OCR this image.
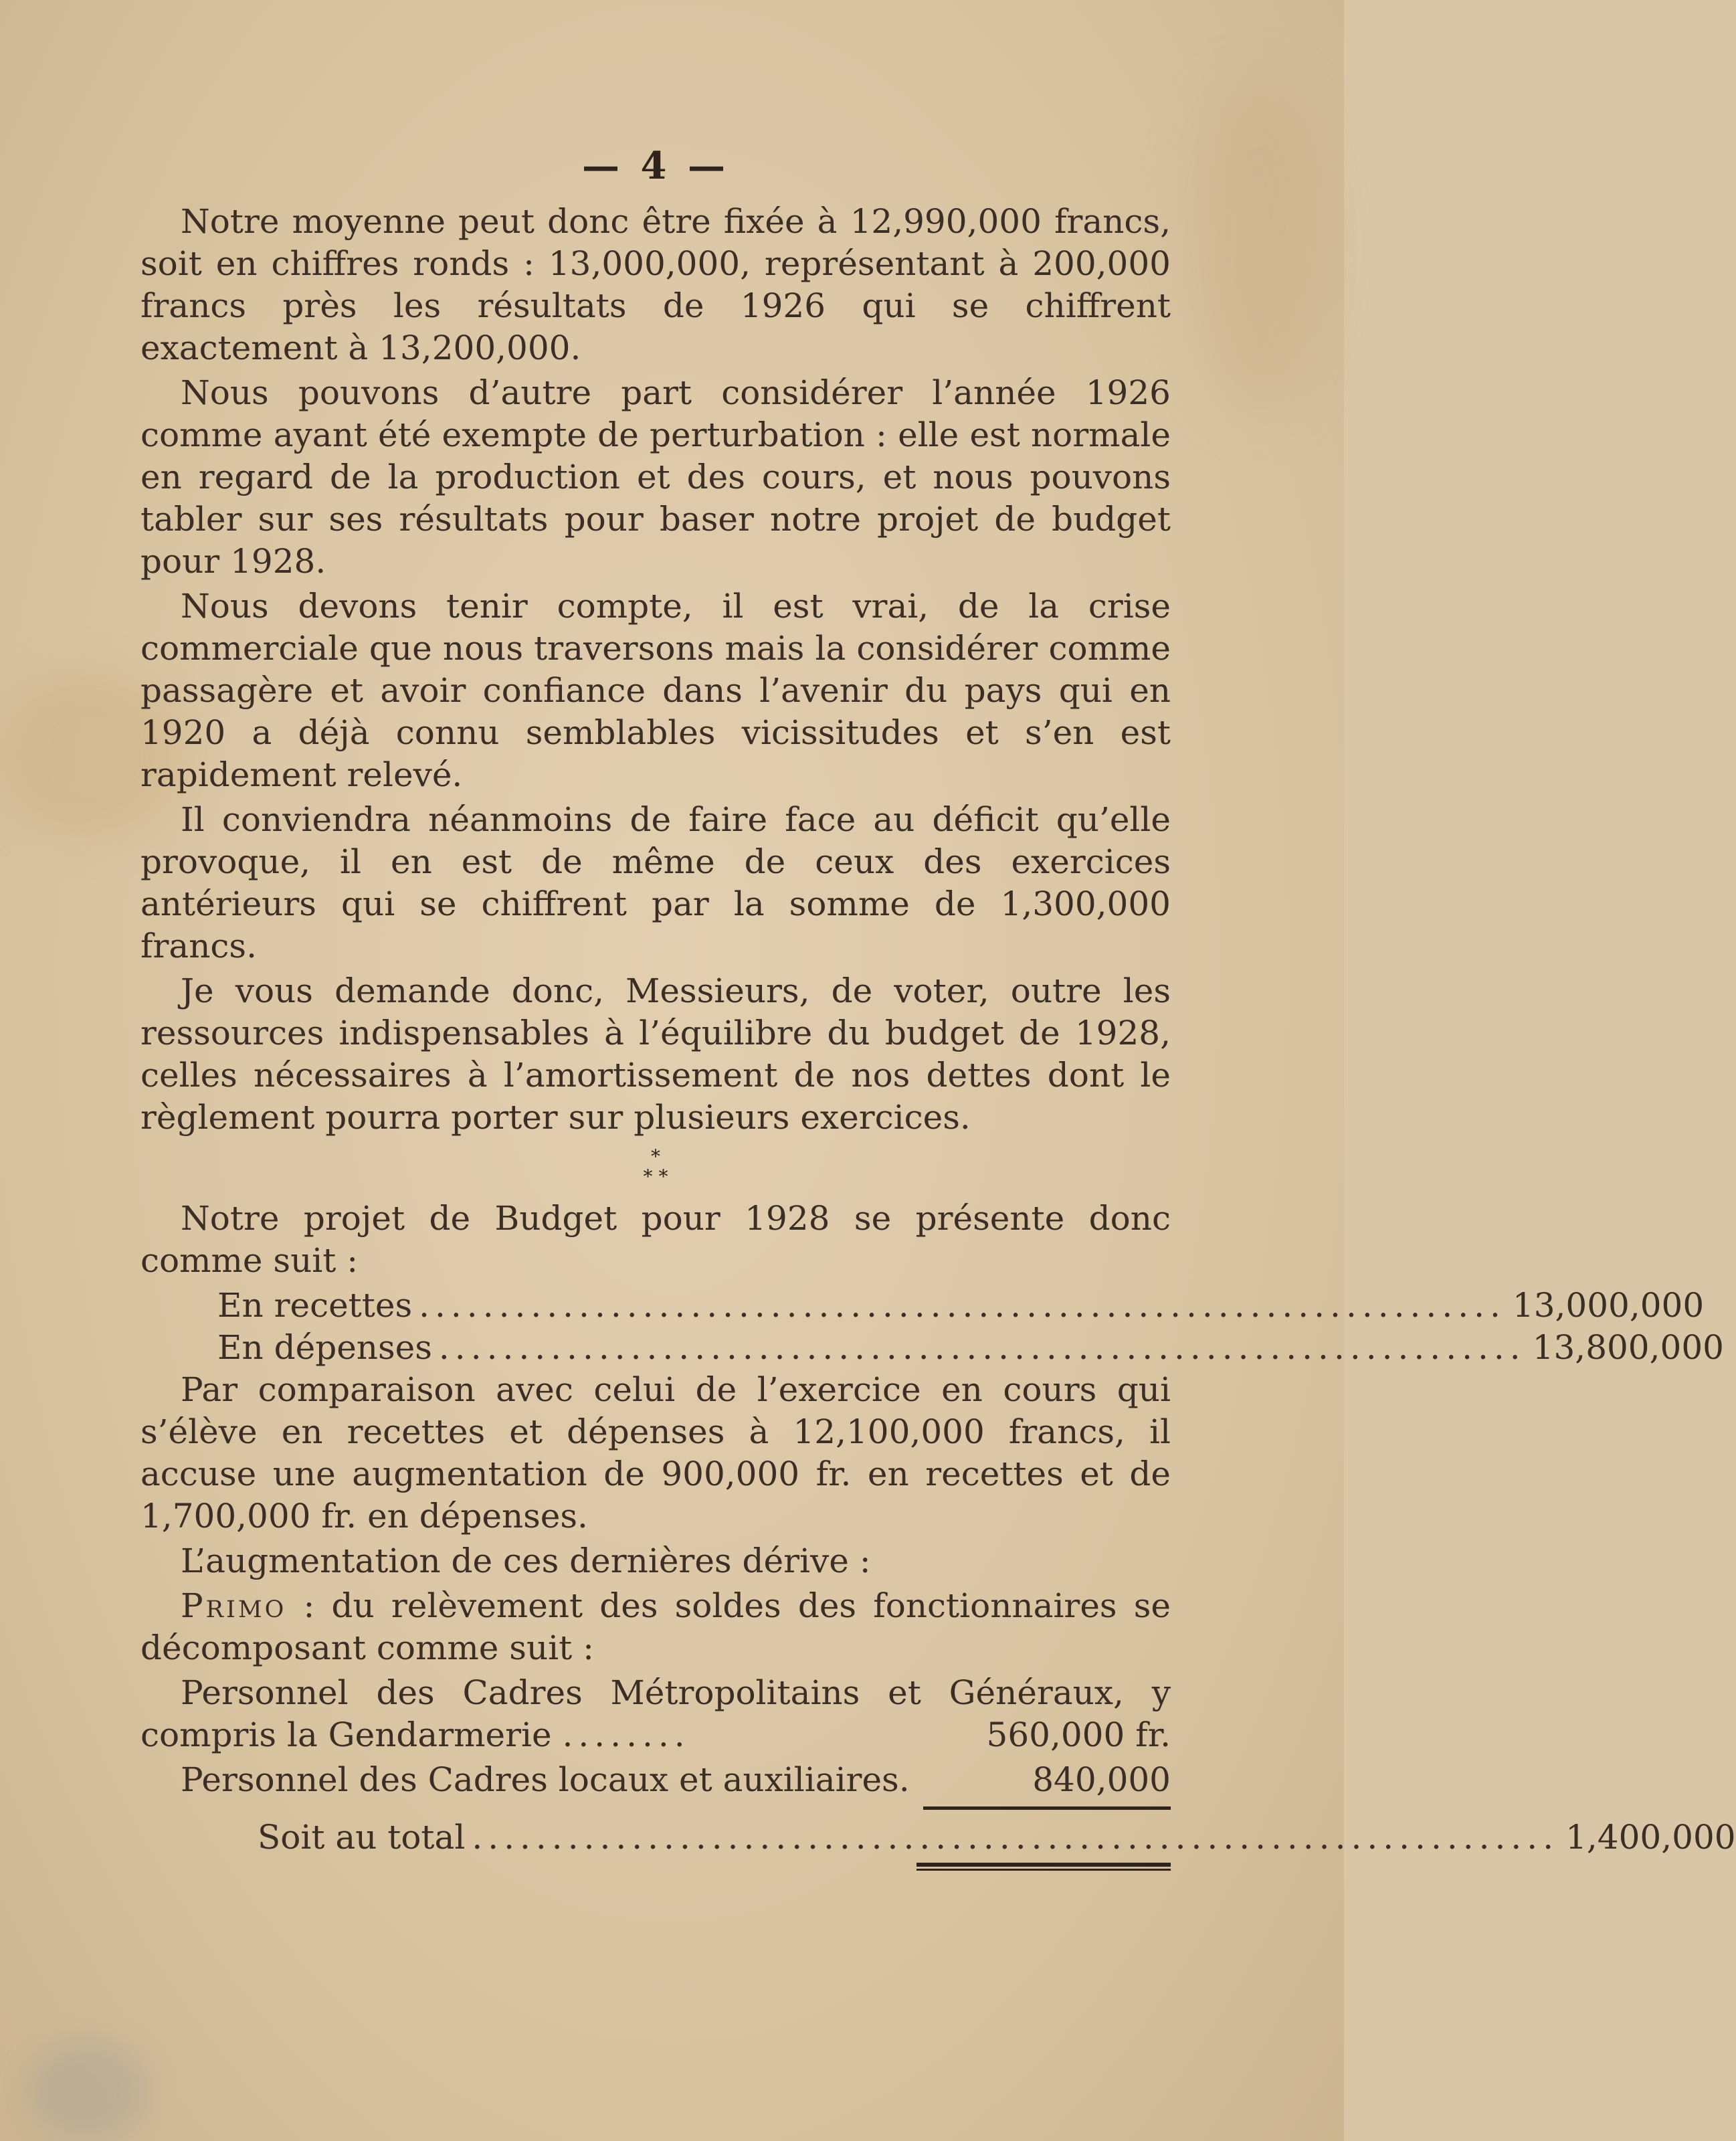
— 4 —

Notre moyenne peut donc être fixée à 12,990,000 francs, soit en chiffres ronds : 13,000,000, représentant à 200,000 francs près les résultats de 1926 qui se chiffrent exactement à 13,200,000.

Nous pouvons d’autre part considérer l’année 1926 comme ayant été exempte de perturbation : elle est normale en regard de la production et des cours, et nous pouvons tabler sur ses résultats pour baser notre projet de budget pour 1928.

Nous devons tenir compte, il est vrai, de la crise commerciale que nous traversons mais la considérer comme passagère et avoir confiance dans l’avenir du pays qui en 1920 a déjà connu semblables vicissitudes et s’en est rapidement relevé.

Il conviendra néanmoins de faire face au déficit qu’elle provoque, il en est de même de ceux des exercices antérieurs qui se chiffrent par la somme de 1,300,000 francs.

Je vous demande donc, Messieurs, de voter, outre les ressources indispensables à l’équilibre du budget de 1928, celles nécessaires à l’amortissement de nos dettes dont le règlement pourra porter sur plusieurs exercices.

*
* *

Notre projet de Budget pour 1928 se présente donc comme suit :

En recettes .................................................................... 13,000,000
En dépenses .................................................................... 13,800,000

Par comparaison avec celui de l’exercice en cours qui s’élève en recettes et dépenses à 12,100,000 francs, il accuse une augmentation de 900,000 fr. en recettes et de 1,700,000 fr. en dépenses.

L’augmentation de ces dernières dérive :

Primo : du relèvement des soldes des fonctionnaires se décomposant comme suit :

Personnel des Cadres Métropolitains et Généraux, y compris la Gendarmerie ........	560,000 fr.
Personnel des Cadres locaux et auxiliaires.	840,000
Soit au total .................................................................... 1,400,000
